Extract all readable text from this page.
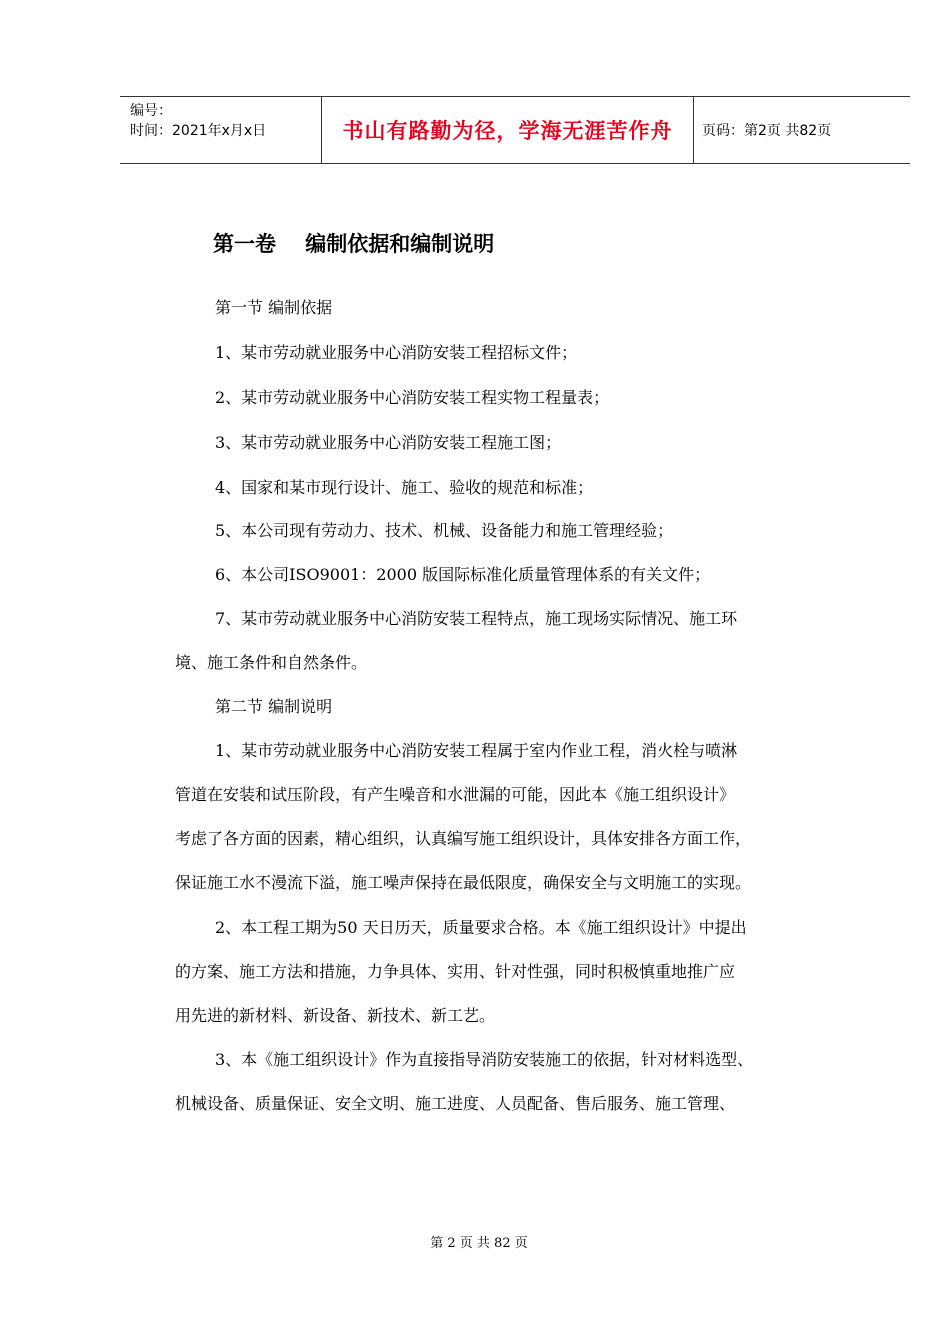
编号：
时间：2021年x月x日	书山有路勤为径，学海无涯苦作舟 页码：第2页 共82页
第一卷    编制依据和编制说明
第一节 编制依据
1、某市劳动就业服务中心消防安装工程招标文件；
2、某市劳动就业服务中心消防安装工程实物工程量表；
3、某市劳动就业服务中心消防安装工程施工图；
4、国家和某市现行设计、施工、验收的规范和标准；
5、本公司现有劳动力、技术、机械、设备能力和施工管理经验；
6、本公司ISO9001：2000 版国际标准化质量管理体系的有关文件；
7、某市劳动就业服务中心消防安装工程特点，施工现场实际情况、施工环
境、施工条件和自然条件。
第二节 编制说明
1、某市劳动就业服务中心消防安装工程属于室内作业工程，消火栓与喷淋
管道在安装和试压阶段，有产生噪音和水泄漏的可能，因此本《施工组织设计》
考虑了各方面的因素，精心组织，认真编写施工组织设计，具体安排各方面工作，
保证施工水不漫流下溢，施工噪声保持在最低限度，确保安全与文明施工的实现。
2、本工程工期为50 天日历天，质量要求合格。本《施工组织设计》中提出
的方案、施工方法和措施，力争具体、实用、针对性强，同时积极慎重地推广应
用先进的新材料、新设备、新技术、新工艺。
3、本《施工组织设计》作为直接指导消防安装施工的依据，针对材料选型、
机械设备、质量保证、安全文明、施工进度、人员配备、售后服务、施工管理、
第 2 页 共 82 页
